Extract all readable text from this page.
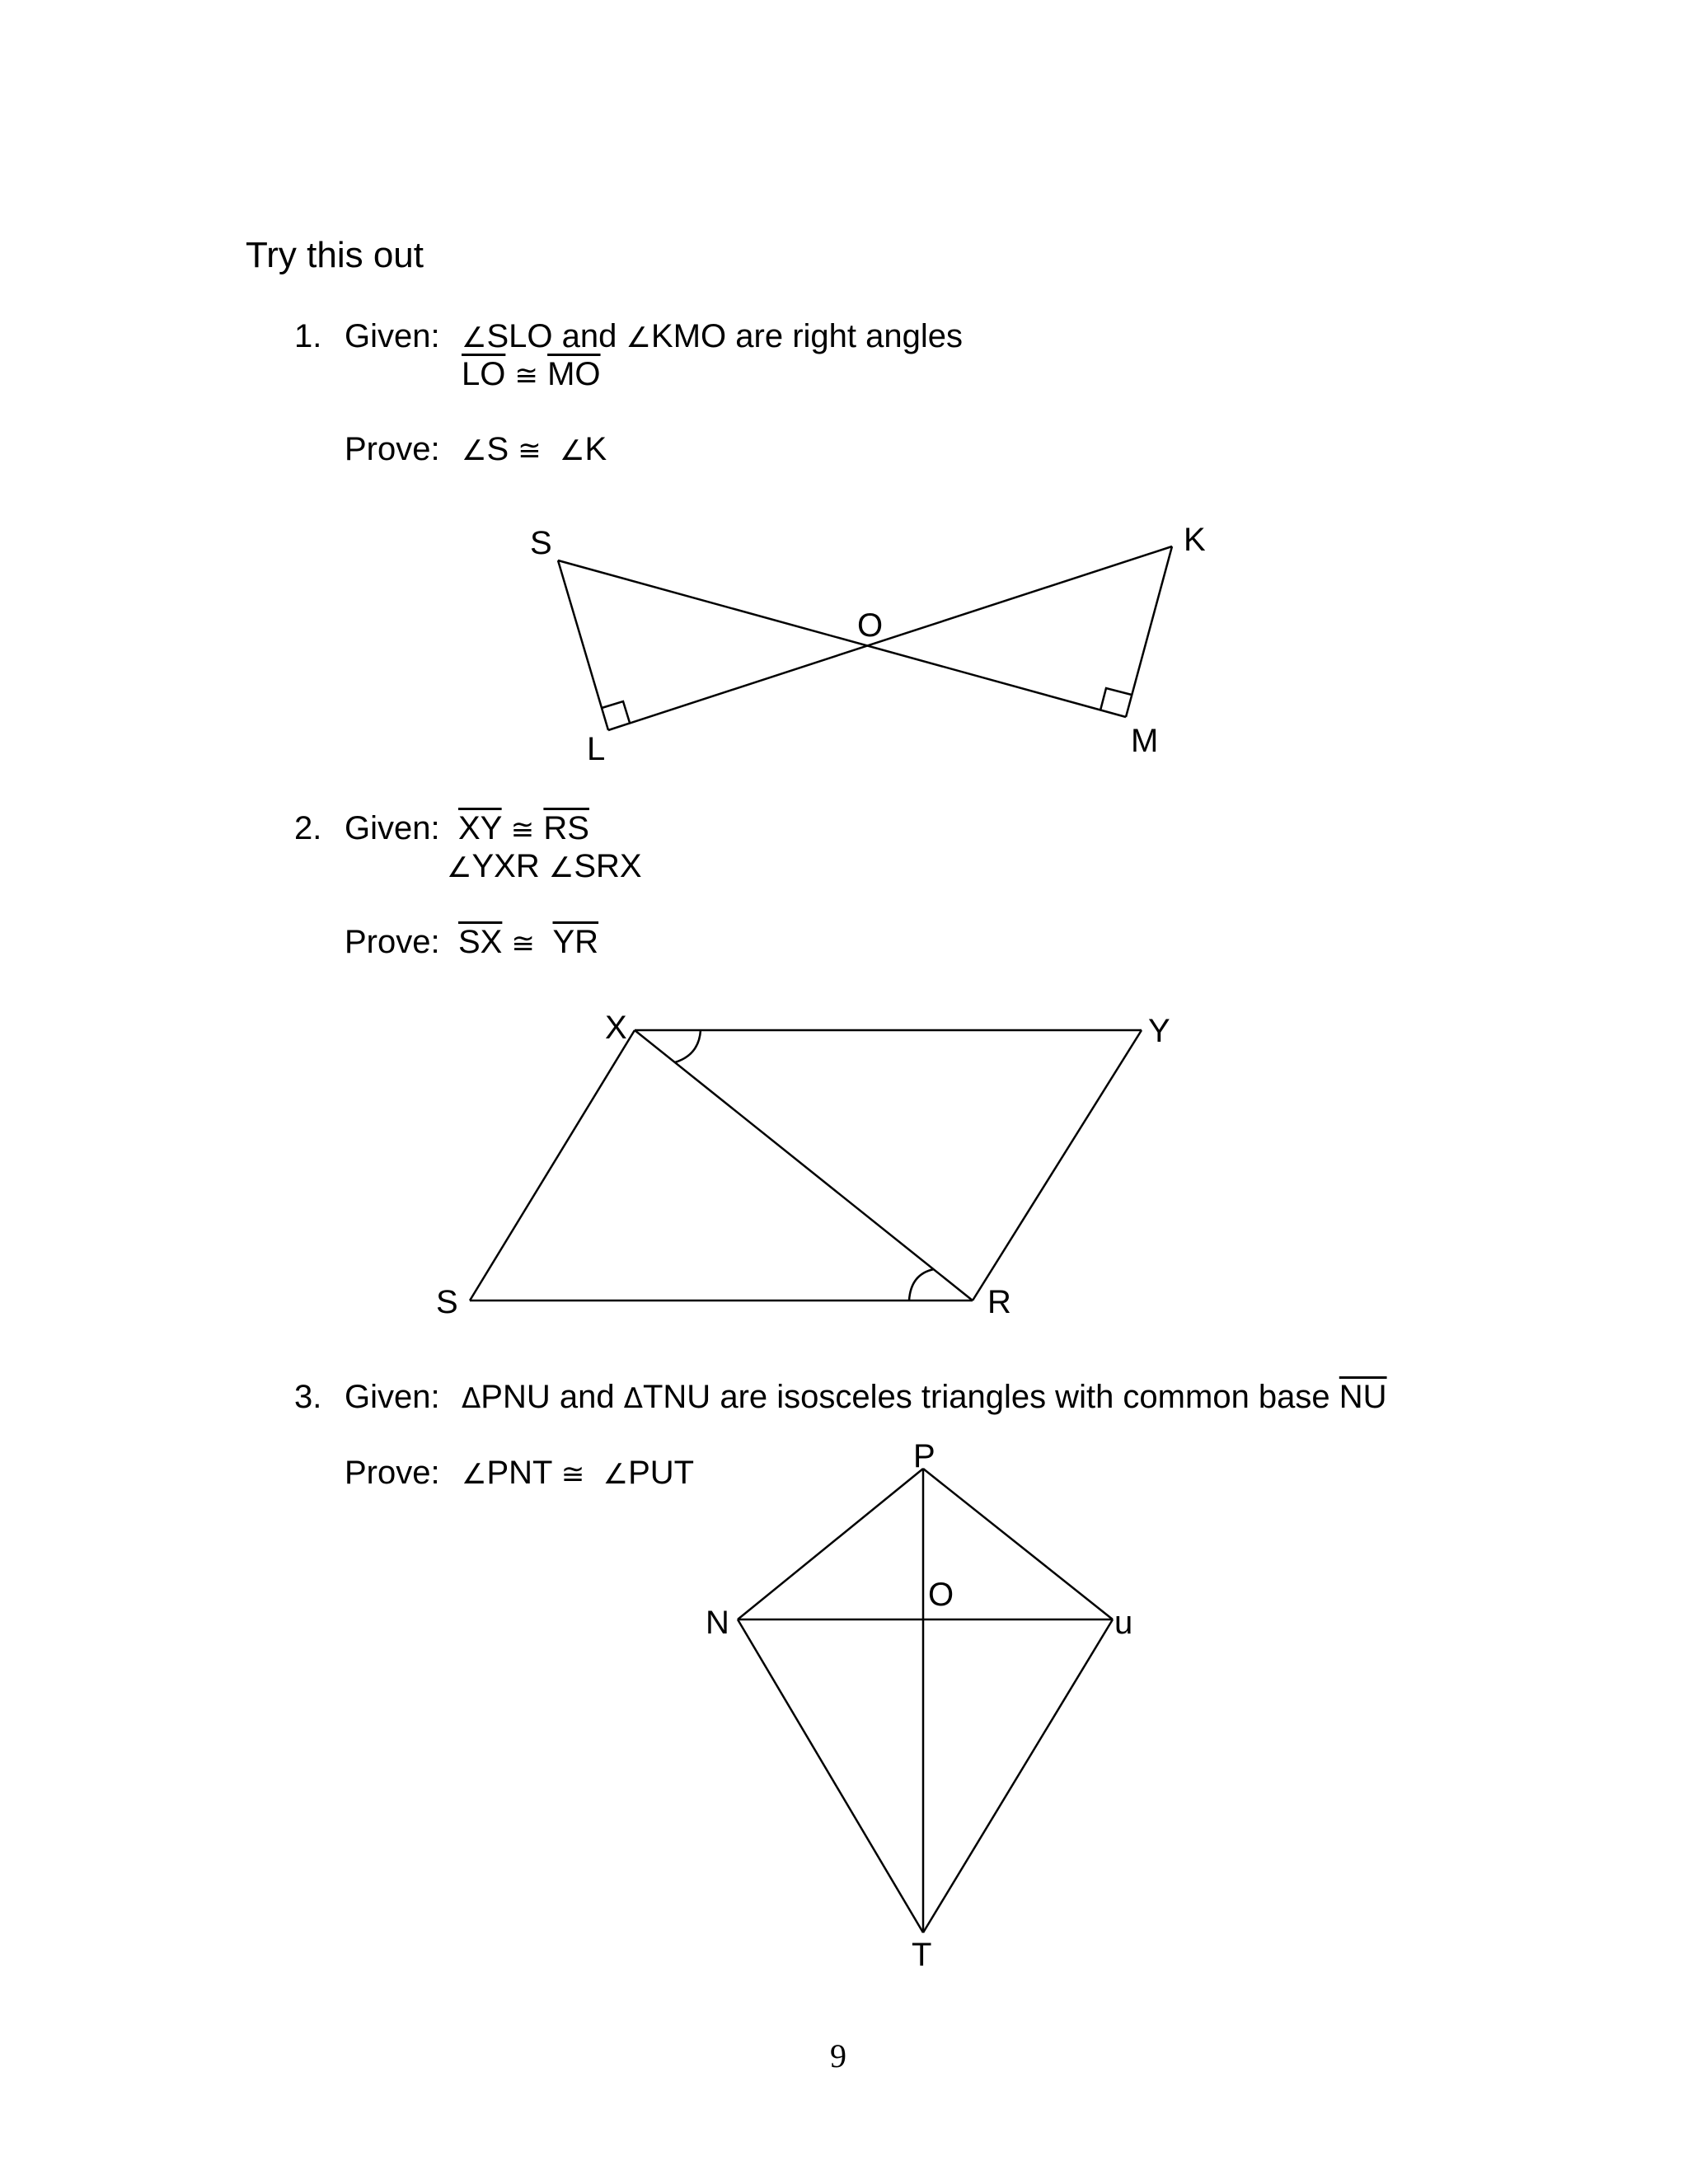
Try this out
1. Given: ∠SLO and ∠KMO are right angles
$\overline{LO}$ ≅ $\overline{MO}$
Prove: ∠S ≅ ∠K
2. Given: $\overline{XY}$ ≅ $\overline{RS}$
∠YXR ∠SRX
Prove: $\overline{SX}$ ≅ $\overline{YR}$
3. Given: ΔPNU and ΔTNU are isosceles triangles with common base $\overline{NU}$
Prove: ∠PNT ≅ ∠PUT
S	K
O
L	M
X	Y
S	R
P
N
O
u
T
9
